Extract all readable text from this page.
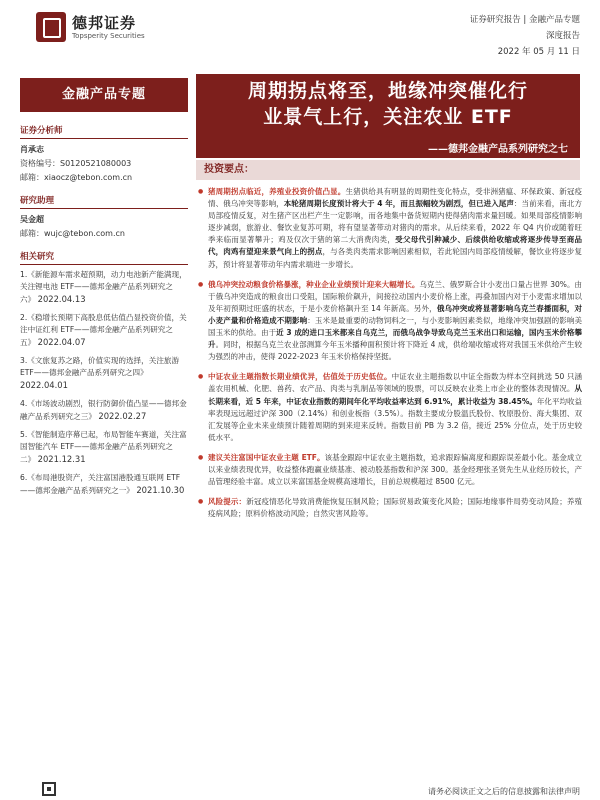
德邦证券
Topsperity Securities
证券研究报告 | 金融产品专题
深度报告
2022 年 05 月 11 日
金融产品专题
证券分析师
肖承志
资格编号：S0120521080003
邮箱：xiaocz@tebon.com.cn
研究助理
吴金超
邮箱：wujc@tebon.com.cn
相关研究
1.《新能源车需求超预期，动力电池新产能满现，关注锂电池 ETF——德邦金融产品系列研究之六》 2022.04.13
2.《稳增长预期下高股息低估值凸显投资价值，关注中证红利 ETF——德邦金融产品系列研究之五》 2022.04.07
3.《文旅复苏之路，价值实现的选择，关注旅游 ETF——德邦金融产品系列研究之四》 2022.04.01
4.《市场波动剧烈，银行防御价值凸显——德邦金融产品系列研究之三》 2022.02.27
5.《智能制造序幕已起，布局智能车赛道，关注富国智能汽车 ETF——德邦金融产品系列研究之二》 2021.12.31
6.《布局港股资产，关注富国港股通互联网 ETF——德邦金融产品系列研究之一》 2021.10.30
周期拐点将至，地缘冲突催化行
业景气上行，关注农业 ETF
——德邦金融产品系列研究之七
投资要点：
● 猪周期拐点临近，养殖业投资价值凸显。生猪供给具有明显的周期性变化特点，受非洲猪瘟、环保政策、新冠疫情、俄乌冲突等影响，本轮猪周期长度预计将大于 4 年，而且振幅较为剧烈，但已进入尾声：当前来看，南北方局部疫情反复，对生猪产区出栏产生一定影响，而各地集中备货短期内使得猪肉需求量回暖。如果局部疫情影响逐步减弱，旅游业、餐饮业复苏可期，将有望显著带动对猪肉的需求。从后续来看，2022 年 Q4 内价或随着旺季来临而显著攀升；鸡及仅次于猪的第二大消费肉类，受父母代引种减少、后续供给收缩或将逐步传导至商品代，肉鸡有望迎来景气向上的拐点，与各类肉类需求影响因素相似，若此轮国内局部疫情缓解，餐饮业将逐步复苏，预计将显著带动年内需求端进一步增长。
● 俄乌冲突拉动粮食价格暴涨，种业企业业绩预计迎来大幅增长。乌克兰、俄罗斯合计小麦出口量占世界 30%。由于俄乌冲突造成的粮食出口受阻，国际粮价飙升，间接拉动国内小麦价格上涨，再叠加国内对于小麦需求增加以及年初预期过旺盛的状态，于是小麦价格飙升至 14 年新高。另外，俄乌冲突或将显著影响乌克兰春播面积，对小麦产量和价格造成不期影响：玉米是最重要的动物饲料之一，与小麦影响因素类似，地缘冲突加强剧的影响美国玉米的供给。由于近 3 成的进口玉米都来自乌克兰，而俄乌战争导致乌克兰玉米出口和运输，国内玉米价格攀升。同时，根据乌克兰农业部测算今年玉米播种面积预计将下降近 4 成，供给端收缩或将对我国玉米供给产生较为强烈的冲击，使得 2022-2023 年玉米价格保持坚挺。
● 中证农业主题指数长期业绩优异，估值处于历史低位。中证农业主题指数以中证全指数为样本空间挑选 50 只涵盖农用机械、化肥、兽药、农产品、肉类与乳制品等领域的股票，可以反映农业类上市企业的整体表现情况。从长期来看，近 5 年来，中证农业指数的期间年化平均收益率达到 6.91%，累计收益为 38.45%。年化平均收益率表现远远超过沪深 300（2.14%）和创业板指（3.5%）。指数主要成分股温氏股份、牧原股份、海大集团、双汇发展等企业未来业绩预计随着周期的到来迎来反转。指数目前 PB 为 3.2 倍，接近 25% 分位点，处于历史较低水平。
● 建议关注富国中证农业主题 ETF。该基金跟踪中证农业主题指数，追求跟踪偏离度和跟踪误差最小化。基金成立以来业绩表现优异，收益整体跑赢业绩基准、被动股基指数和沪深 300。基金经理张圣贤先生从业经历较长，产品管理经验丰富。成立以来富国基金规模高速增长，目前总规模超过 8500 亿元。
● 风险提示：新冠疫情恶化导致消费能恢复压制风险；国际贸易政策变化风险；国际地缘事件局势变动风险；养殖疫病风险；原料价格波动风险；自然灾害风险等。
请务必阅读正文之后的信息披露和法律声明
